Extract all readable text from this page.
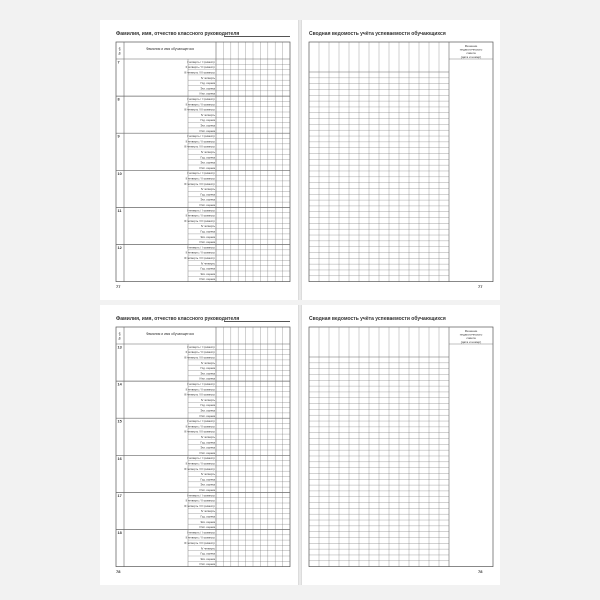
Фамилия, имя, отчество классного руководителя
№ п/п	Фамилия и имя обучающегося
7	I четверть / I триместр
II четверть / II триместр
III четверть / III триместр
IV четверть
Год. оценка
Экз. оценка
Итог. оценка
8	I четверть / I триместр
II четверть / II триместр
III четверть / III триместр
IV четверть
Год. оценка
Экз. оценка
Итог. оценка
9	I четверть / I триместр
II четверть / II триместр
III четверть / III триместр
IV четверть
Год. оценка
Экз. оценка
Итог. оценка
10	I четверть / I триместр
II четверть / II триместр
III четверть / III триместр
IV четверть
Год. оценка
Экз. оценка
Итог. оценка
11	I четверть / I триместр
II четверть / II триместр
III четверть / III триместр
IV четверть
Год. оценка
Экз. оценка
Итог. оценка
12	I четверть / I триместр
II четверть / II триместр
III четверть / III триместр
IV четверть
Год. оценка
Экз. оценка
Итог. оценка
77
Сводная ведомость учёта успеваемости обучающихся
Решение
педагогического
совета
(дата и номер)
77
Фамилия, имя, отчество классного руководителя
№ п/п	Фамилия и имя обучающегося
13	I четверть / I триместр
II четверть / II триместр
III четверть / III триместр
IV четверть
Год. оценка
Экз. оценка
Итог. оценка
14	I четверть / I триместр
II четверть / II триместр
III четверть / III триместр
IV четверть
Год. оценка
Экз. оценка
Итог. оценка
15	I четверть / I триместр
II четверть / II триместр
III четверть / III триместр
IV четверть
Год. оценка
Экз. оценка
Итог. оценка
16	I четверть / I триместр
II четверть / II триместр
III четверть / III триместр
IV четверть
Год. оценка
Экз. оценка
Итог. оценка
17	I четверть / I триместр
II четверть / II триместр
III четверть / III триместр
IV четверть
Год. оценка
Экз. оценка
Итог. оценка
18	I четверть / I триместр
II четверть / II триместр
III четверть / III триместр
IV четверть
Год. оценка
Экз. оценка
Итог. оценка
78
Сводная ведомость учёта успеваемости обучающихся
Решение
педагогического
совета
(дата и номер)
78
